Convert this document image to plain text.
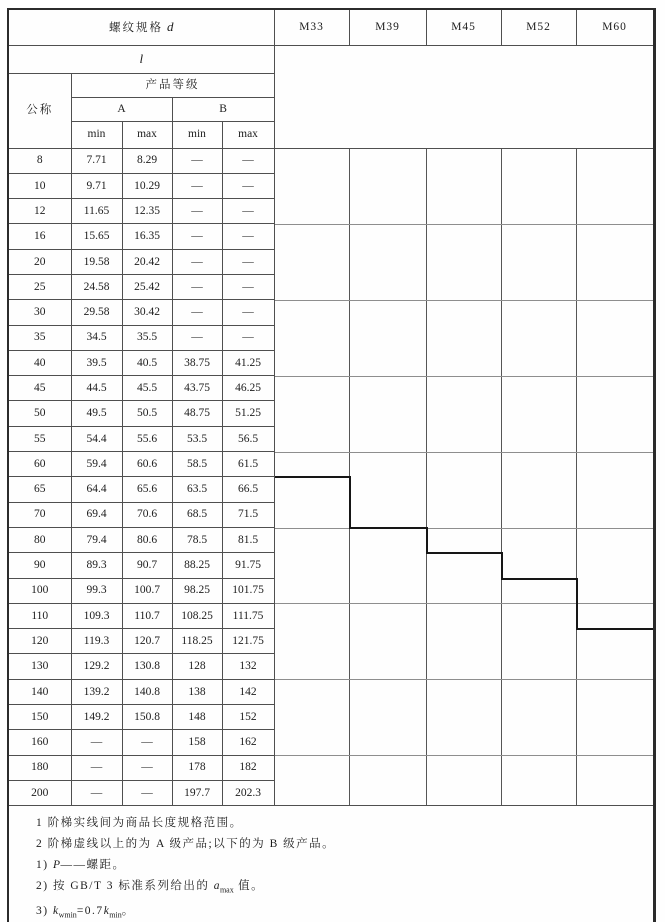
螺纹规格 d					M33	M39	M45	M52	M60
l									
公称	产品等级								
	A		B						
	min	max	min	max					
8	7.71	8.29	—	—					

10	9.71	10.29	—	—					
12	11.65	12.35	—	—					
16	15.65	16.35	—	—					
20	19.58	20.42	—	—					
25	24.58	25.42	—	—					
30	29.58	30.42	—	—					
35	34.5	35.5	—	—					
40	39.5	40.5	38.75	41.25					
45	44.5	45.5	43.75	46.25					
50	49.5	50.5	48.75	51.25					
55	54.4	55.6	53.5	56.5					
60	59.4	60.6	58.5	61.5					
65	64.4	65.6	63.5	66.5					
70	69.4	70.6	68.5	71.5					
80	79.4	80.6	78.5	81.5					
90	89.3	90.7	88.25	91.75					
100	99.3	100.7	98.25	101.75					
110	109.3	110.7	108.25	111.75					
120	119.3	120.7	118.25	121.75					
130	129.2	130.8	128	132					
140	139.2	140.8	138	142					
150	149.2	150.8	148	152					
160	—	—	158	162					
180	—	—	178	182					
200	—	—	197.7	202.3					

1 阶梯实线间为商品长度规格范围。
2 阶梯虚线以上的为 A 级产品;以下的为 B 级产品。
1) P——螺距。
2) 按 GB/T 3 标准系列给出的 $a_{max}$ 值。
3) $k_{wmin}=0.7k_{min}$。									
